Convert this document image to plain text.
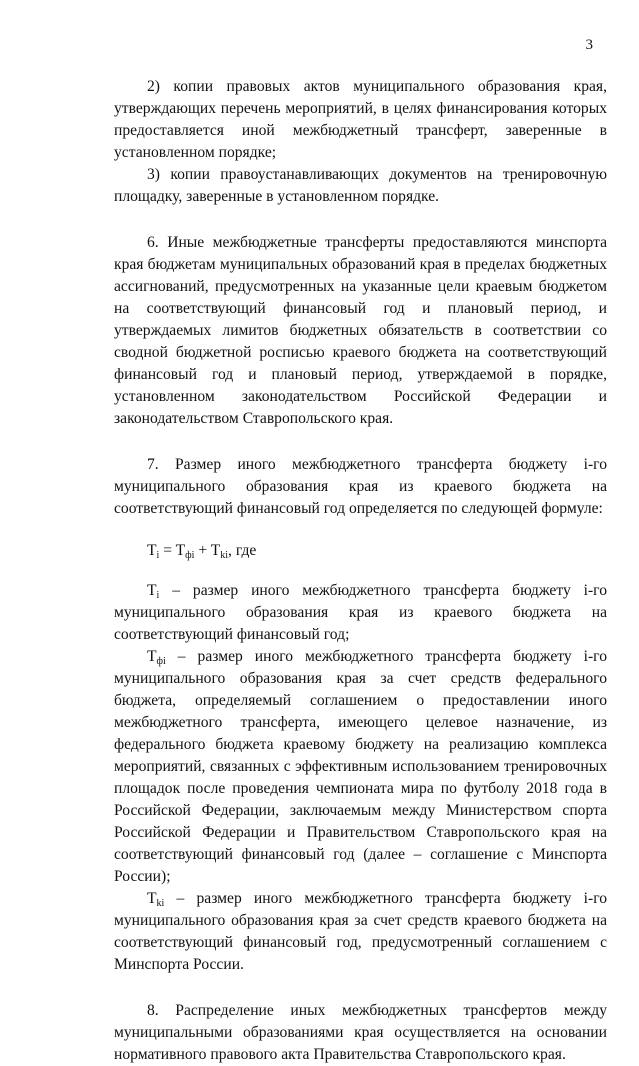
3

2) копии правовых актов муниципального образования края, утверждающих перечень мероприятий, в целях финансирования которых предоставляется иной межбюджетный трансферт, заверенные в установленном порядке;

3) копии правоустанавливающих документов на тренировочную площадку, заверенные в установленном порядке.

6. Иные межбюджетные трансферты предоставляются минспорта края бюджетам муниципальных образований края в пределах бюджетных ассигнований, предусмотренных на указанные цели краевым бюджетом на соответствующий финансовый год и плановый период, и утверждаемых лимитов бюджетных обязательств в соответствии со сводной бюджетной росписью краевого бюджета на соответствующий финансовый год и плановый период, утверждаемой в порядке, установленном законодательством Российской Федерации и законодательством Ставропольского края.

7. Размер иного межбюджетного трансферта бюджету i-го муниципального образования края из краевого бюджета на соответствующий финансовый год определяется по следующей формуле:

$T_i = T_{фi} + T_{ki}$, где

$T_i$ – размер иного межбюджетного трансферта бюджету i-го муниципального образования края из краевого бюджета на соответствующий финансовый год;

$T_{фi}$ – размер иного межбюджетного трансферта бюджету i-го муниципального образования края за счет средств федерального бюджета, определяемый соглашением о предоставлении иного межбюджетного трансферта, имеющего целевое назначение, из федерального бюджета краевому бюджету на реализацию комплекса мероприятий, связанных с эффективным использованием тренировочных площадок после проведения чемпионата мира по футболу 2018 года в Российской Федерации, заключаемым между Министерством спорта Российской Федерации и Правительством Ставропольского края на соответствующий финансовый год (далее – соглашение с Минспорта России);

$T_{ki}$ – размер иного межбюджетного трансферта бюджету i-го муниципального образования края за счет средств краевого бюджета на соответствующий финансовый год, предусмотренный соглашением с Минспорта России.

8. Распределение иных межбюджетных трансфертов между муниципальными образованиями края осуществляется на основании нормативного правового акта Правительства Ставропольского края.
